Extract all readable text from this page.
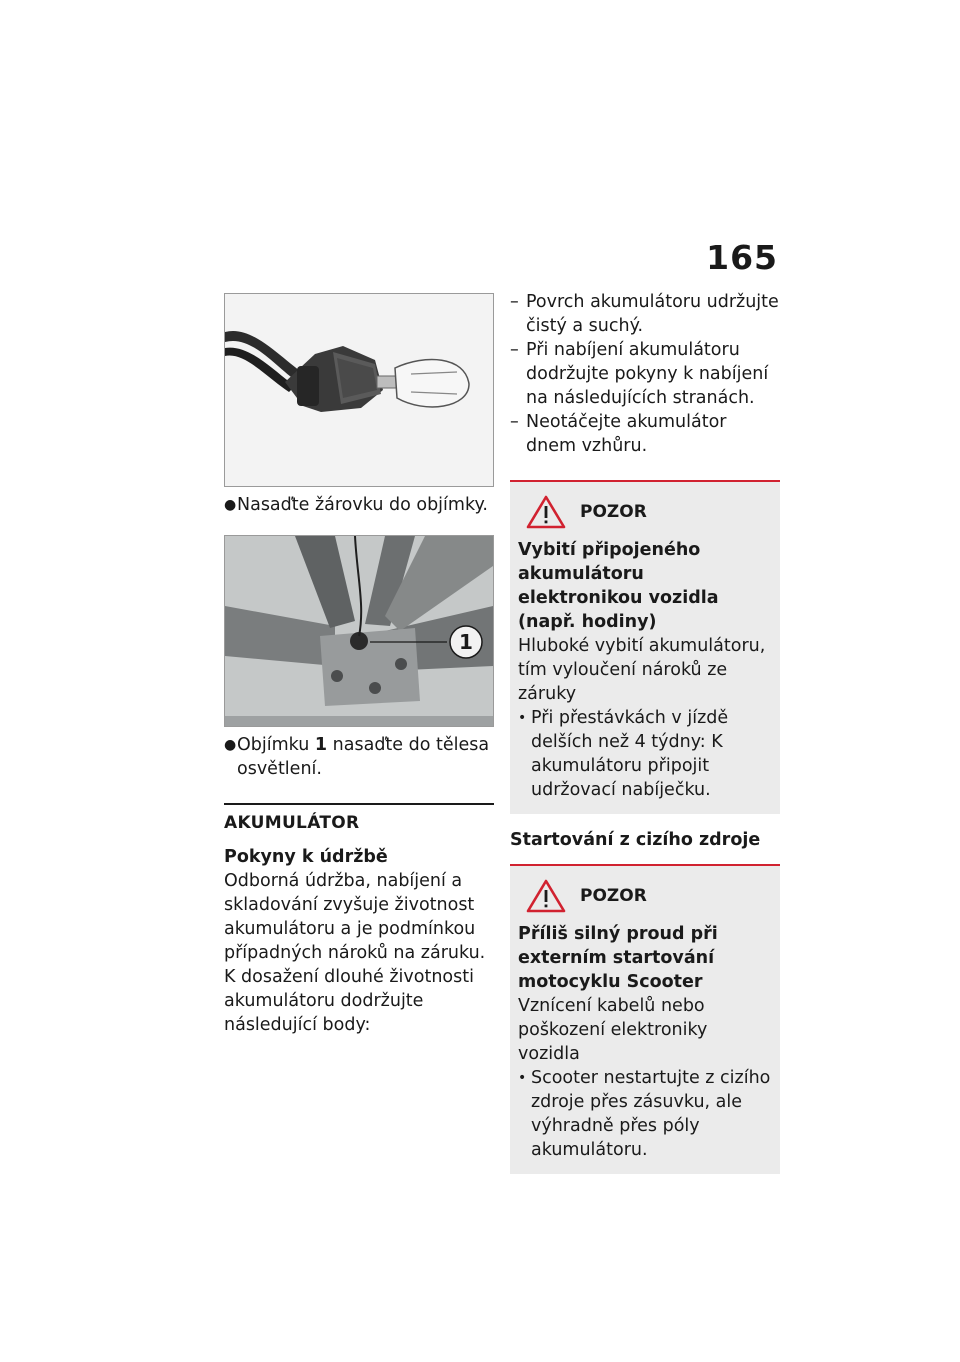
165
● Nasaďte žárovku do objímky.
1
● Objímku 1 nasaďte do tělesa osvětlení.
AKUMULÁTOR
Pokyny k údržbě
Odborná údržba, nabíjení a skladování zvyšuje životnost akumulátoru a je podmínkou případných nároků na záruku.
K dosažení dlouhé životnosti akumulátoru dodržujte následující body:
– Povrch akumulátoru udržujte čistý a suchý.
– Při nabíjení akumulátoru dodržujte pokyny k nabíjení na následujících stranách.
– Neotáčejte akumulátor dnem vzhůru.
POZOR
Vybití připojeného akumulátoru elektronikou vozidla (např. hodiny)
Hluboké vybití akumulátoru, tím vyloučení nároků ze záruky
• Při přestávkách v jízdě delších než 4 týdny: K akumulátoru připojit udržovací nabíječku.
Startování z cizího zdroje
POZOR
Příliš silný proud při externím startování motocyklu Scooter
Vznícení kabelů nebo poškození elektroniky vozidla
• Scooter nestartujte z cizího zdroje přes zásuvku, ale výhradně přes póly akumulátoru.
